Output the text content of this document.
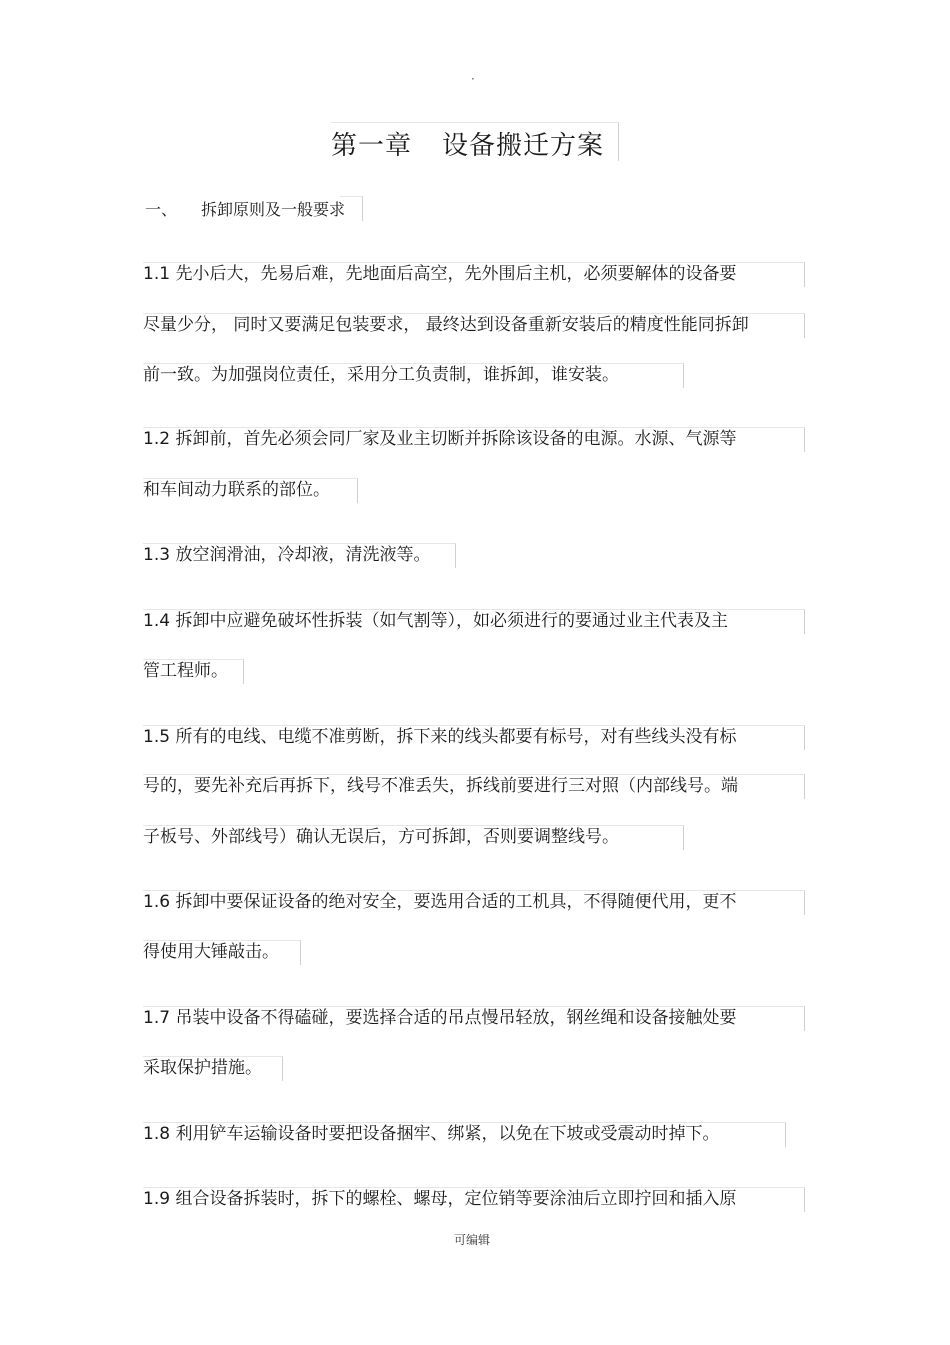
·
第一章 设备搬迁方案
一、 拆卸原则及一般要求
1.1 先小后大，先易后难，先地面后高空，先外围后主机，必须要解体的设备要
尽量少分， 同时又要满足包装要求， 最终达到设备重新安装后的精度性能同拆卸
前一致。为加强岗位责任，采用分工负责制，谁拆卸，谁安装。
1.2 拆卸前，首先必须会同厂家及业主切断并拆除该设备的电源。水源、气源等
和车间动力联系的部位。
1.3 放空润滑油，冷却液，清洗液等。
1.4 拆卸中应避免破坏性拆装（如气割等），如必须进行的要通过业主代表及主
管工程师。
1.5 所有的电线、电缆不准剪断，拆下来的线头都要有标号，对有些线头没有标
号的，要先补充后再拆下，线号不准丢失，拆线前要进行三对照（内部线号。端
子板号、外部线号）确认无误后，方可拆卸，否则要调整线号。
1.6 拆卸中要保证设备的绝对安全，要选用合适的工机具，不得随便代用，更不
得使用大锤敲击。
1.7 吊装中设备不得磕碰，要选择合适的吊点慢吊轻放，钢丝绳和设备接触处要
采取保护措施。
1.8 利用铲车运输设备时要把设备捆牢、绑紧，以免在下坡或受震动时掉下。
1.9 组合设备拆装时，拆下的螺栓、螺母，定位销等要涂油后立即拧回和插入原
可编辑
